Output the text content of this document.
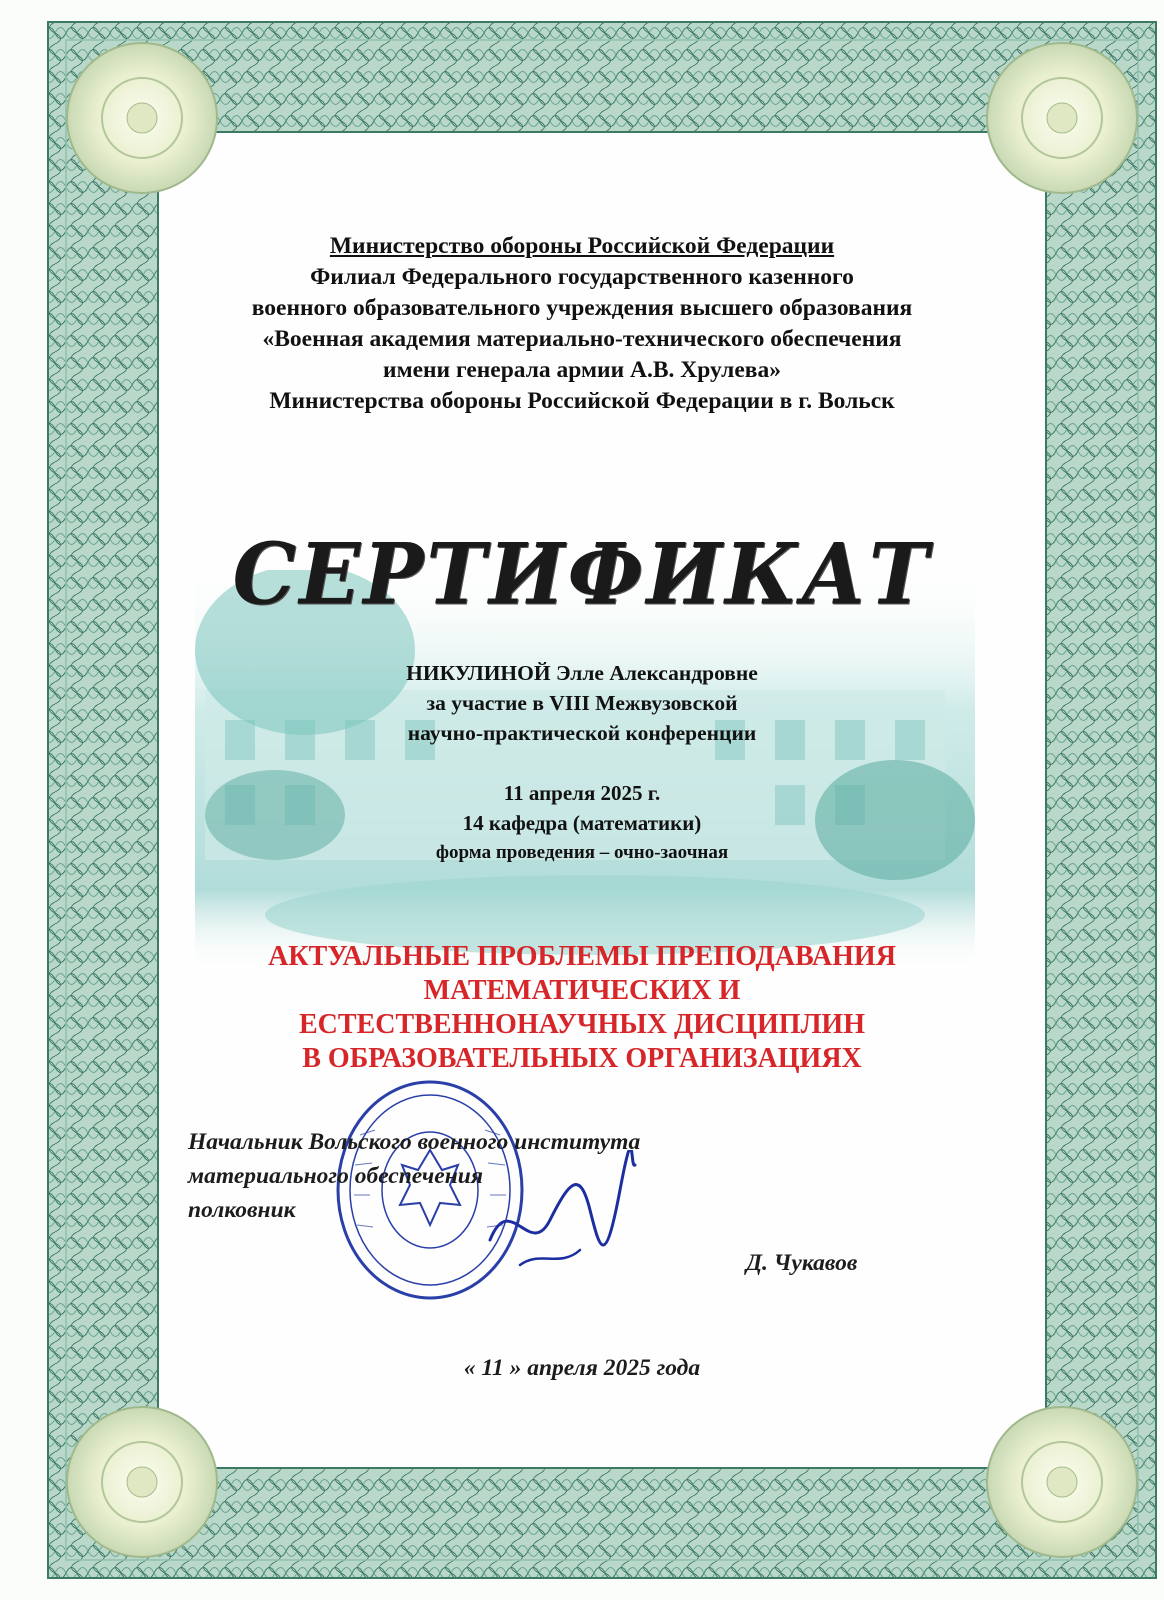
Министерство обороны Российской Федерации
Филиал Федерального государственного казенного
военного образовательного учреждения высшего образования
«Военная академия материально-технического обеспечения
имени генерала армии А.В. Хрулева»
Министерства обороны Российской Федерации в г. Вольск
СЕРТИФИКАТ
НИКУЛИНОЙ Элле Александровне
за участие в VIII Межвузовской
научно-практической конференции
11 апреля 2025 г.
14 кафедра (математики)
форма проведения – очно-заочная
АКТУАЛЬНЫЕ ПРОБЛЕМЫ ПРЕПОДАВАНИЯ
МАТЕМАТИЧЕСКИХ И
ЕСТЕСТВЕННОНАУЧНЫХ ДИСЦИПЛИН
В ОБРАЗОВАТЕЛЬНЫХ ОРГАНИЗАЦИЯХ
Начальник Вольского военного института
материального обеспечения
полковник
Д. Чукавов
« 11 » апреля 2025 года
